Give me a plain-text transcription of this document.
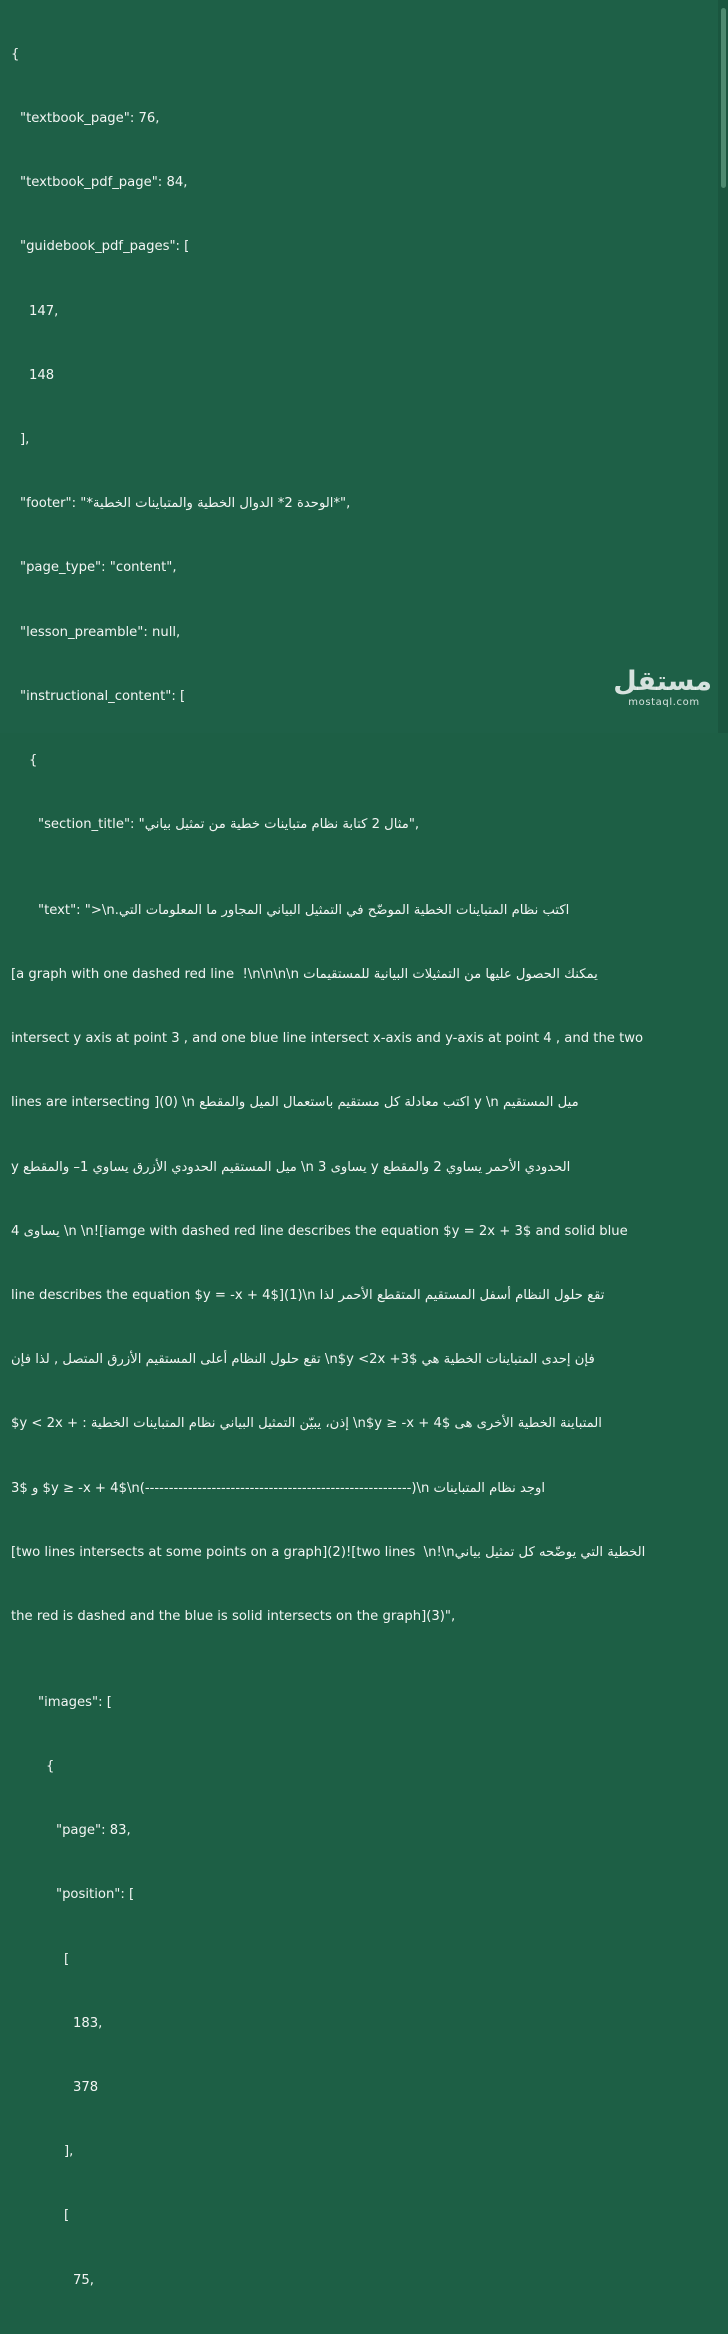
{

"textbook_page": 76,

"textbook_pdf_page": 84,

"guidebook_pdf_pages": [

147,

148

],

"footer": "*الوحدة 2* الدوال الخطية والمتباينات الخطية*",

"page_type": "content",

"lesson_preamble": null,

"instructional_content": [

{

"section_title": "مثال 2 كتابة نظام متباينات خطية من تمثيل بياني",

"text": ">\n.اكتب نظام المتباينات الخطية الموضّح في التمثيل البياني المجاور ما المعلومات التي

[a graph with one dashed red line  !\n\n\n\n يمكنك الحصول عليها من التمثيلات البيانية للمستقيمات

intersect y axis at point 3 , and one blue line intersect x-axis and y-axis at point 4 , and the two

lines are intersecting ](0) \n اكتب معادلة كل مستقيم باستعمال الميل والمقطع y \n ميل المستقيم

y ميل المستقيم الحدودي الأزرق يساوي 1– والمقطع \n يساوى 3 y الحدودي الأحمر يساوي 2 والمقطع

4 يساوى \n \n![iamge with dashed red line describes the equation $y = 2x + 3$ and solid blue

line describes the equation $y = -x + 4$](1)\n تقع حلول النظام أسفل المستقيم المتقطع الأحمر لذا

تقع حلول النظام أعلى المستقيم الأزرق المتصل , لذا فإن \n$y <2x +3$ فإن إحدى المتباينات الخطية هي

$y < 2x + : إذن، يبيّن التمثيل البياني نظام المتباينات الخطية \n$y ≥ -x + 4$ المتباينة الخطية الأخرى هى

3$ و $y ≥ -x + 4$\n(--------------------------------------------------------)\n اوجد نظام المتباينات

[two lines intersects at some points on a graph](2)![two lines  \n!\nالخطية التي يوضّحه كل تمثيل بياني

the red is dashed and the blue is solid intersects on the graph](3)",

"images": [

{

"page": 83,

"position": [

[

183,

378

],

[

75,

مستقل
mostaql.com
